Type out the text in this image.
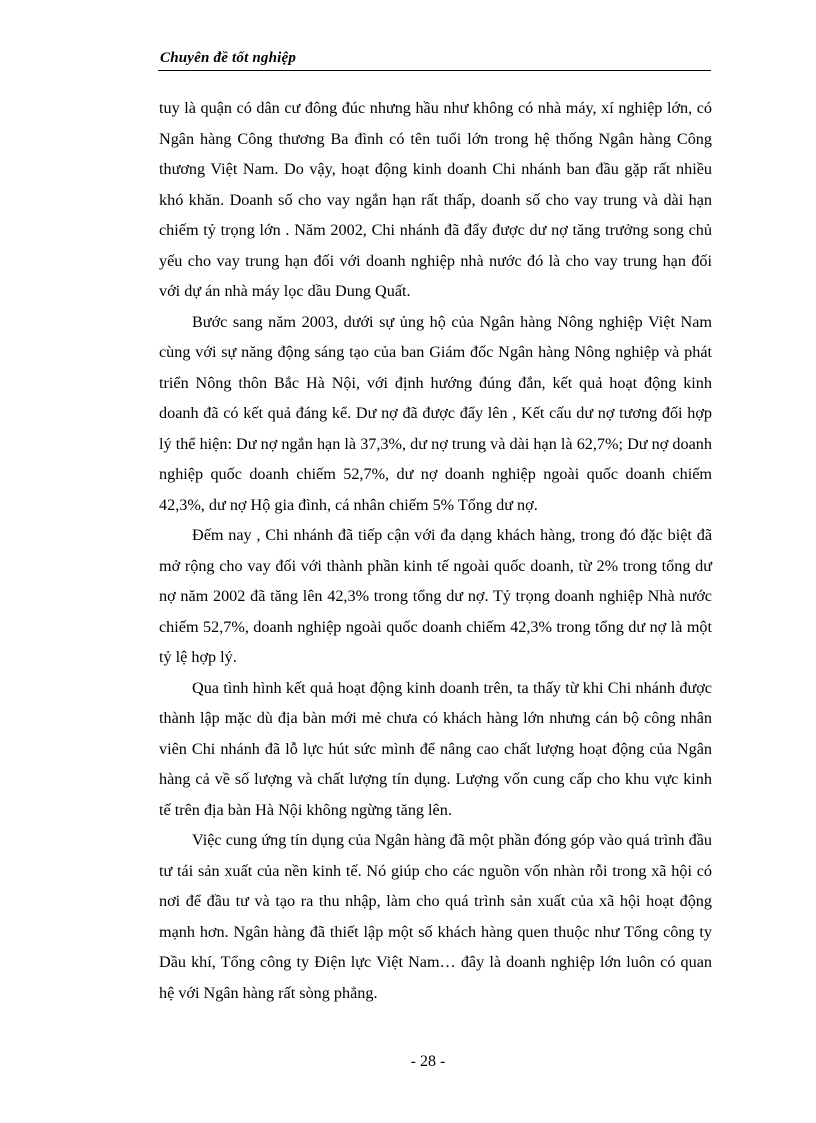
Chuyên đề tốt nghiệp

tuy là quận có dân cư đông đúc nhưng hầu như không có nhà máy, xí nghiệp lớn, có Ngân hàng Công thương Ba đình có tên tuổi lớn trong hệ thống Ngân hàng Công thương Việt Nam. Do vậy, hoạt động kinh doanh Chi nhánh ban đầu gặp rất nhiều khó khăn. Doanh số cho vay ngắn hạn rất thấp, doanh số cho vay trung và dài hạn chiếm tỷ trọng lớn . Năm 2002, Chi nhánh đã đẩy được dư nợ tăng trưởng song chủ yếu cho vay trung hạn đối với doanh nghiệp nhà nước đó là cho vay trung hạn đối với dự án nhà máy lọc dầu Dung Quất.

Bước sang năm 2003, dưới sự ủng hộ của Ngân hàng Nông nghiệp Việt Nam cùng với sự năng động sáng tạo của ban Giám đốc Ngân hàng Nông nghiệp và phát triển Nông thôn Bắc Hà Nội, với định hướng đúng đắn, kết quả hoạt động kinh doanh đã có kết quả đáng kể. Dư nợ đã được đẩy lên , Kết cấu dư nợ tương đối hợp lý thể hiện: Dư nợ ngắn hạn là 37,3%, dư nợ trung và dài hạn là 62,7%; Dư nợ doanh nghiệp quốc doanh chiếm 52,7%, dư nợ doanh nghiệp ngoài quốc doanh chiếm 42,3%, dư nợ Hộ gia đình, cá nhân chiếm 5% Tổng dư nợ.

Đếm nay , Chi nhánh đã tiếp cận với đa dạng khách hàng, trong đó đặc biệt đã mở rộng cho vay đối với thành phần kinh tế ngoài quốc doanh, từ 2% trong tổng dư nợ năm 2002 đã tăng lên 42,3% trong tổng dư nợ. Tỷ trọng doanh nghiệp Nhà nước chiếm 52,7%, doanh nghiệp ngoài quốc doanh chiếm 42,3% trong tổng dư nợ là một tỷ lệ hợp lý.

Qua tình hình kết quả hoạt động kinh doanh trên, ta thấy từ khi Chi nhánh được thành lập mặc dù địa bàn mới mẻ chưa có khách hàng lớn nhưng cán bộ công nhân viên Chi nhánh đã lỗ lực hút sức mình để nâng cao chất lượng hoạt động của Ngân hàng cả về số lượng và chất lượng tín dụng. Lượng vốn cung cấp cho khu vực kinh tế trên địa bàn Hà Nội không ngừng tăng lên.

Việc cung ứng tín dụng của Ngân hàng đã một phần đóng góp vào quá trình đầu tư tái sản xuất của nền kinh tế. Nó giúp cho các nguồn vốn nhàn rỗi trong xã hội có nơi để đầu tư và tạo ra thu nhập, làm cho quá trình sản xuất của xã hội hoạt động mạnh hơn. Ngân hàng đã thiết lập một số khách hàng quen thuộc như Tổng công ty Dầu khí, Tổng công ty Điện lực Việt Nam… đây là doanh nghiệp lớn luôn có quan hệ với Ngân hàng rất sòng phẳng.

- 28 -
